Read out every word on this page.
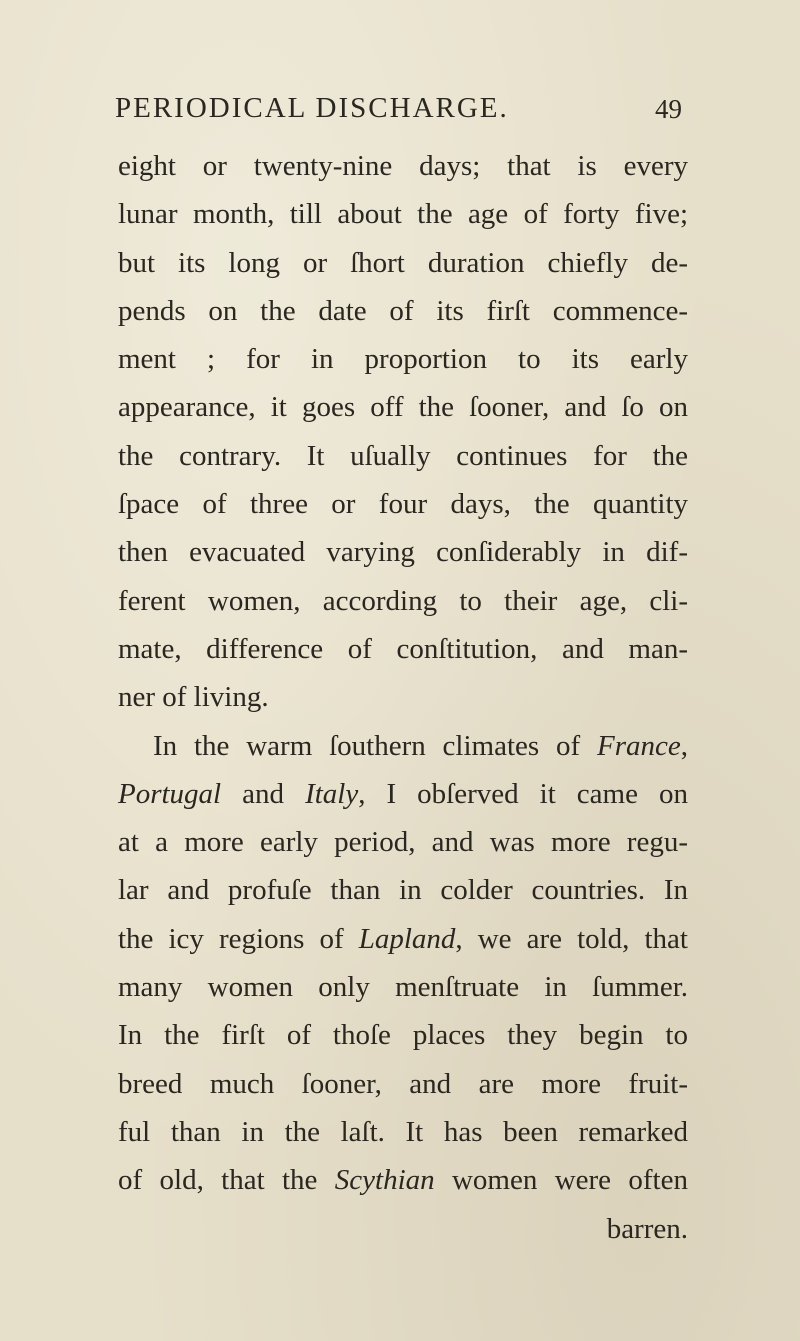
PERIODICAL DISCHARGE.	49
eight or twenty-nine days; that is every
lunar month, till about the age of forty five;
but its long or ſhort duration chiefly de-
pends on the date of its firſt commence-
ment ; for in proportion to its early
appearance, it goes off the ſooner, and ſo on
the contrary. It uſually continues for the
ſpace of three or four days, the quantity
then evacuated varying conſiderably in dif-
ferent women, according to their age, cli-
mate, difference of conſtitution, and man-
ner of living.
In the warm ſouthern climates of France,
Portugal and Italy, I obſerved it came on
at a more early period, and was more regu-
lar and profuſe than in colder countries. In
the icy regions of Lapland, we are told, that
many women only menſtruate in ſummer.
In the firſt of thoſe places they begin to
breed much ſooner, and are more fruit-
ful than in the laſt. It has been remarked
of old, that the Scythian women were often
barren.
